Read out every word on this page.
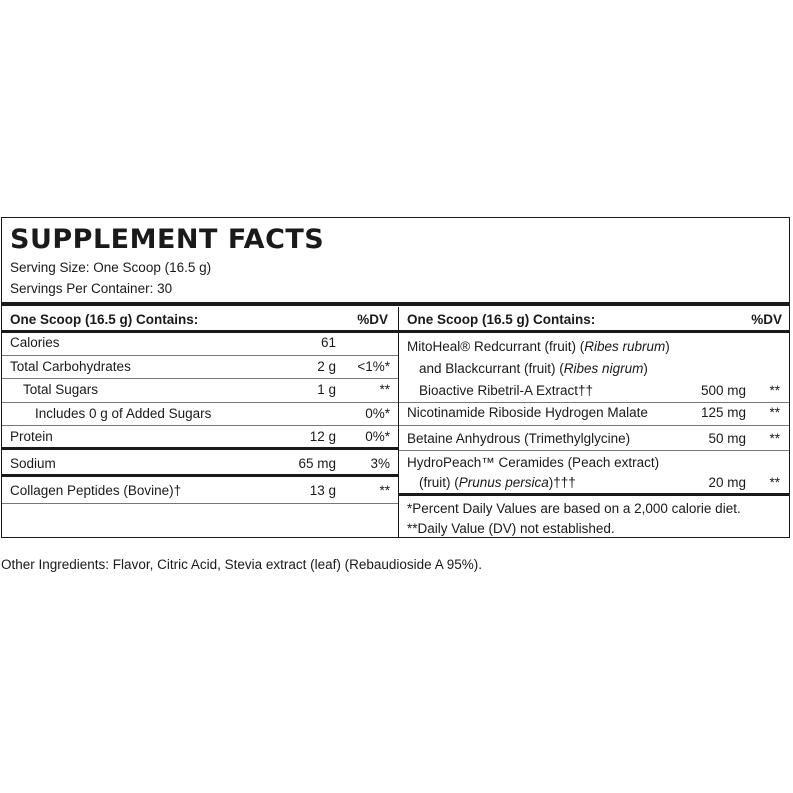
SUPPLEMENT FACTS
Serving Size: One Scoop (16.5 g)
Servings Per Container: 30
One Scoop (16.5 g) Contains:	%DV
Calories	61
Total Carbohydrates	2 g	<1%*
Total Sugars	1 g	**
Includes 0 g of Added Sugars	0%*
Protein	12 g	0%*
Sodium	65 mg	3%
Collagen Peptides (Bovine)†	13 g	**
One Scoop (16.5 g) Contains:	%DV
MitoHeal® Redcurrant (fruit) (Ribes rubrum)
and Blackcurrant (fruit) (Ribes nigrum)
Bioactive Ribetril-A Extract††	500 mg	**
Nicotinamide Riboside Hydrogen Malate	125 mg	**
Betaine Anhydrous (Trimethylglycine)	50 mg	**
HydroPeach™ Ceramides (Peach extract)
(fruit) (Prunus persica)†††	20 mg	**
*Percent Daily Values are based on a 2,000 calorie diet.
**Daily Value (DV) not established.
Other Ingredients: Flavor, Citric Acid, Stevia extract (leaf) (Rebaudioside A 95%).
